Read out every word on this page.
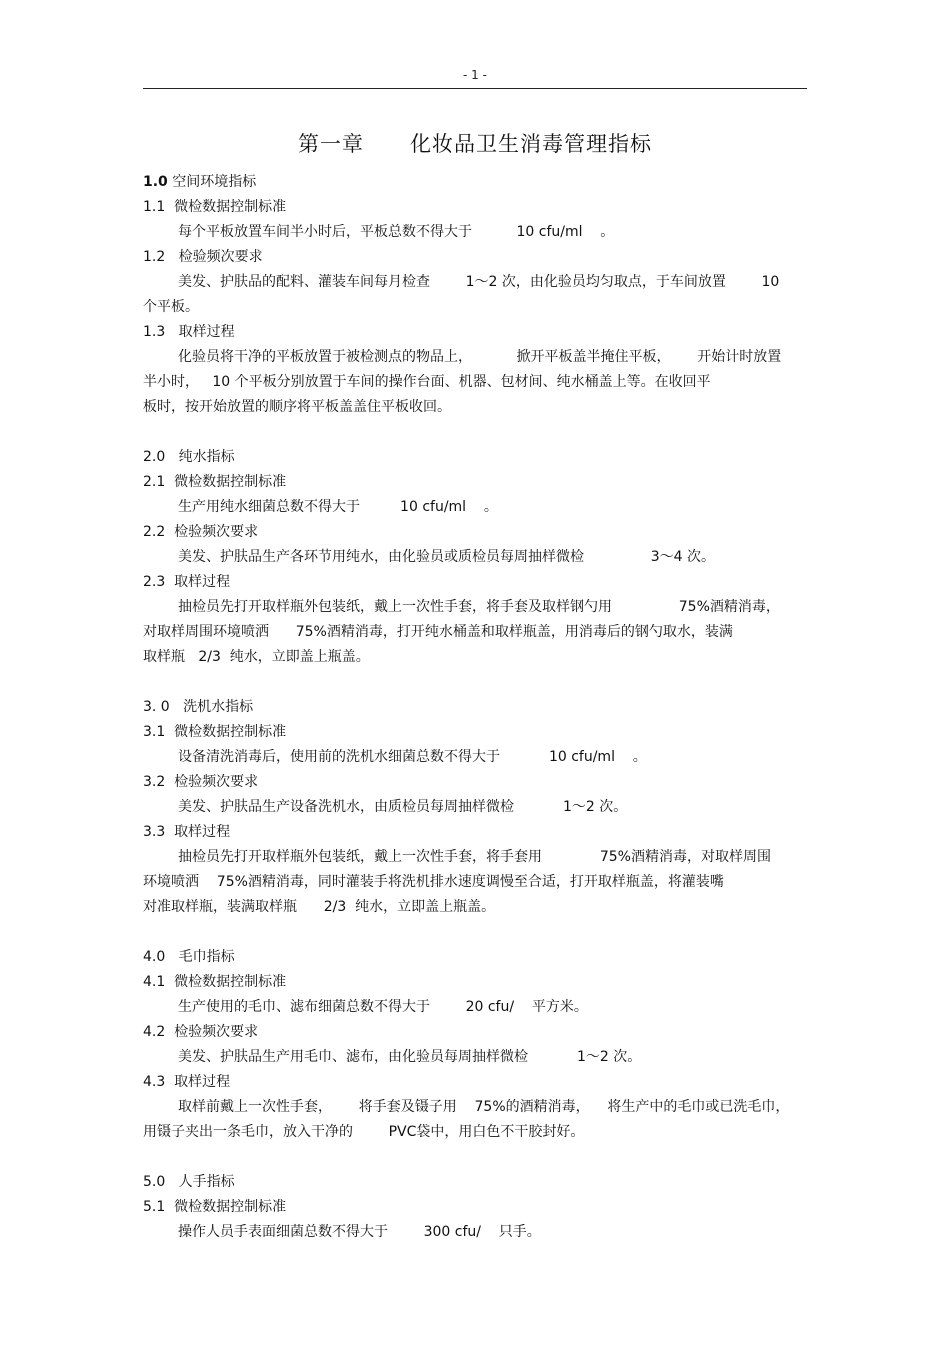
- 1 -
第一章      化妆品卫生消毒管理指标
1.0 空间环境指标
1.1  微检数据控制标准
每个平板放置车间半小时后，平板总数不得大于          10 cfu/ml    。
1.2   检验频次要求
美发、护肤品的配料、灌装车间每月检查        1～2 次，由化验员均匀取点，于车间放置        10
个平板。
1.3   取样过程
化验员将干净的平板放置于被检测点的物品上，          掀开平板盖半掩住平板，      开始计时放置
半小时，   10 个平板分别放置于车间的操作台面、机器、包材间、纯水桶盖上等。在收回平
板时，按开始放置的顺序将平板盖盖住平板收回。
2.0   纯水指标
2.1  微检数据控制标准
生产用纯水细菌总数不得大于         10 cfu/ml    。
2.2  检验频次要求
美发、护肤品生产各环节用纯水，由化验员或质检员每周抽样微检               3～4 次。
2.3  取样过程
抽检员先打开取样瓶外包装纸，戴上一次性手套，将手套及取样钢勺用               75%酒精消毒，
对取样周围环境喷洒      75%酒精消毒，打开纯水桶盖和取样瓶盖，用消毒后的钢勺取水，装满
取样瓶   2/3  纯水，立即盖上瓶盖。
3. 0   洗机水指标
3.1  微检数据控制标准
设备清洗消毒后，使用前的洗机水细菌总数不得大于           10 cfu/ml    。
3.2  检验频次要求
美发、护肤品生产设备洗机水，由质检员每周抽样微检           1～2 次。
3.3  取样过程
抽检员先打开取样瓶外包装纸，戴上一次性手套，将手套用             75%酒精消毒，对取样周围
环境喷洒    75%酒精消毒，同时灌装手将洗机排水速度调慢至合适，打开取样瓶盖，将灌装嘴
对准取样瓶，装满取样瓶      2/3  纯水，立即盖上瓶盖。
4.0   毛巾指标
4.1  微检数据控制标准
生产使用的毛巾、滤布细菌总数不得大于        20 cfu/    平方米。
4.2  检验频次要求
美发、护肤品生产用毛巾、滤布，由化验员每周抽样微检           1～2 次。
4.3  取样过程
取样前戴上一次性手套，      将手套及镊子用    75%的酒精消毒，    将生产中的毛巾或已洗毛巾，
用镊子夹出一条毛巾，放入干净的        PVC袋中，用白色不干胶封好。
5.0   人手指标
5.1  微检数据控制标准
操作人员手表面细菌总数不得大于        300 cfu/    只手。
